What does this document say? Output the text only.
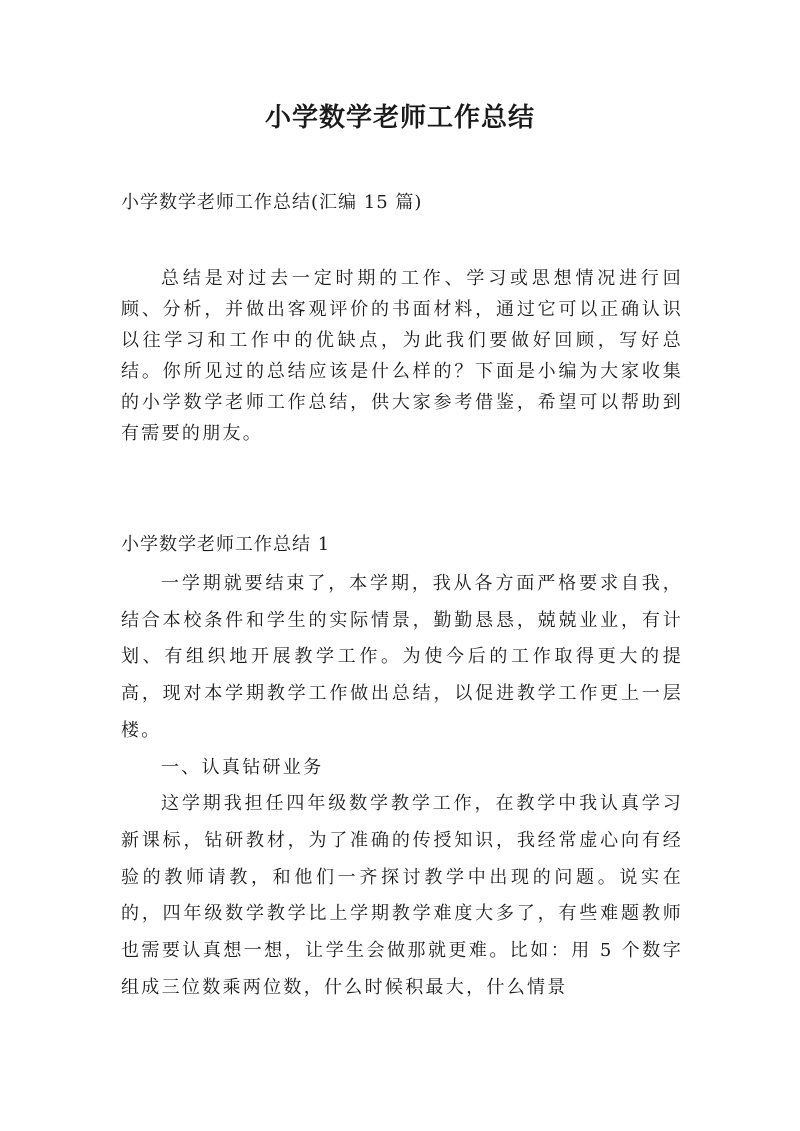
小学数学老师工作总结
小学数学老师工作总结(汇编 15 篇)

总结是对过去一定时期的工作、学习或思想情况进行回顾、分析，并做出客观评价的书面材料，通过它可以正确认识以往学习和工作中的优缺点，为此我们要做好回顾，写好总结。你所见过的总结应该是什么样的？下面是小编为大家收集的小学数学老师工作总结，供大家参考借鉴，希望可以帮助到有需要的朋友。

小学数学老师工作总结 1

一学期就要结束了，本学期，我从各方面严格要求自我，结合本校条件和学生的实际情景，勤勤恳恳，兢兢业业，有计划、有组织地开展教学工作。为使今后的工作取得更大的提高，现对本学期教学工作做出总结，以促进教学工作更上一层楼。

一、认真钻研业务

这学期我担任四年级数学教学工作，在教学中我认真学习新课标，钻研教材，为了准确的传授知识，我经常虚心向有经验的教师请教，和他们一齐探讨教学中出现的问题。说实在的，四年级数学教学比上学期教学难度大多了，有些难题教师也需要认真想一想，让学生会做那就更难。比如：用 5 个数字组成三位数乘两位数，什么时候积最大，什么情景
